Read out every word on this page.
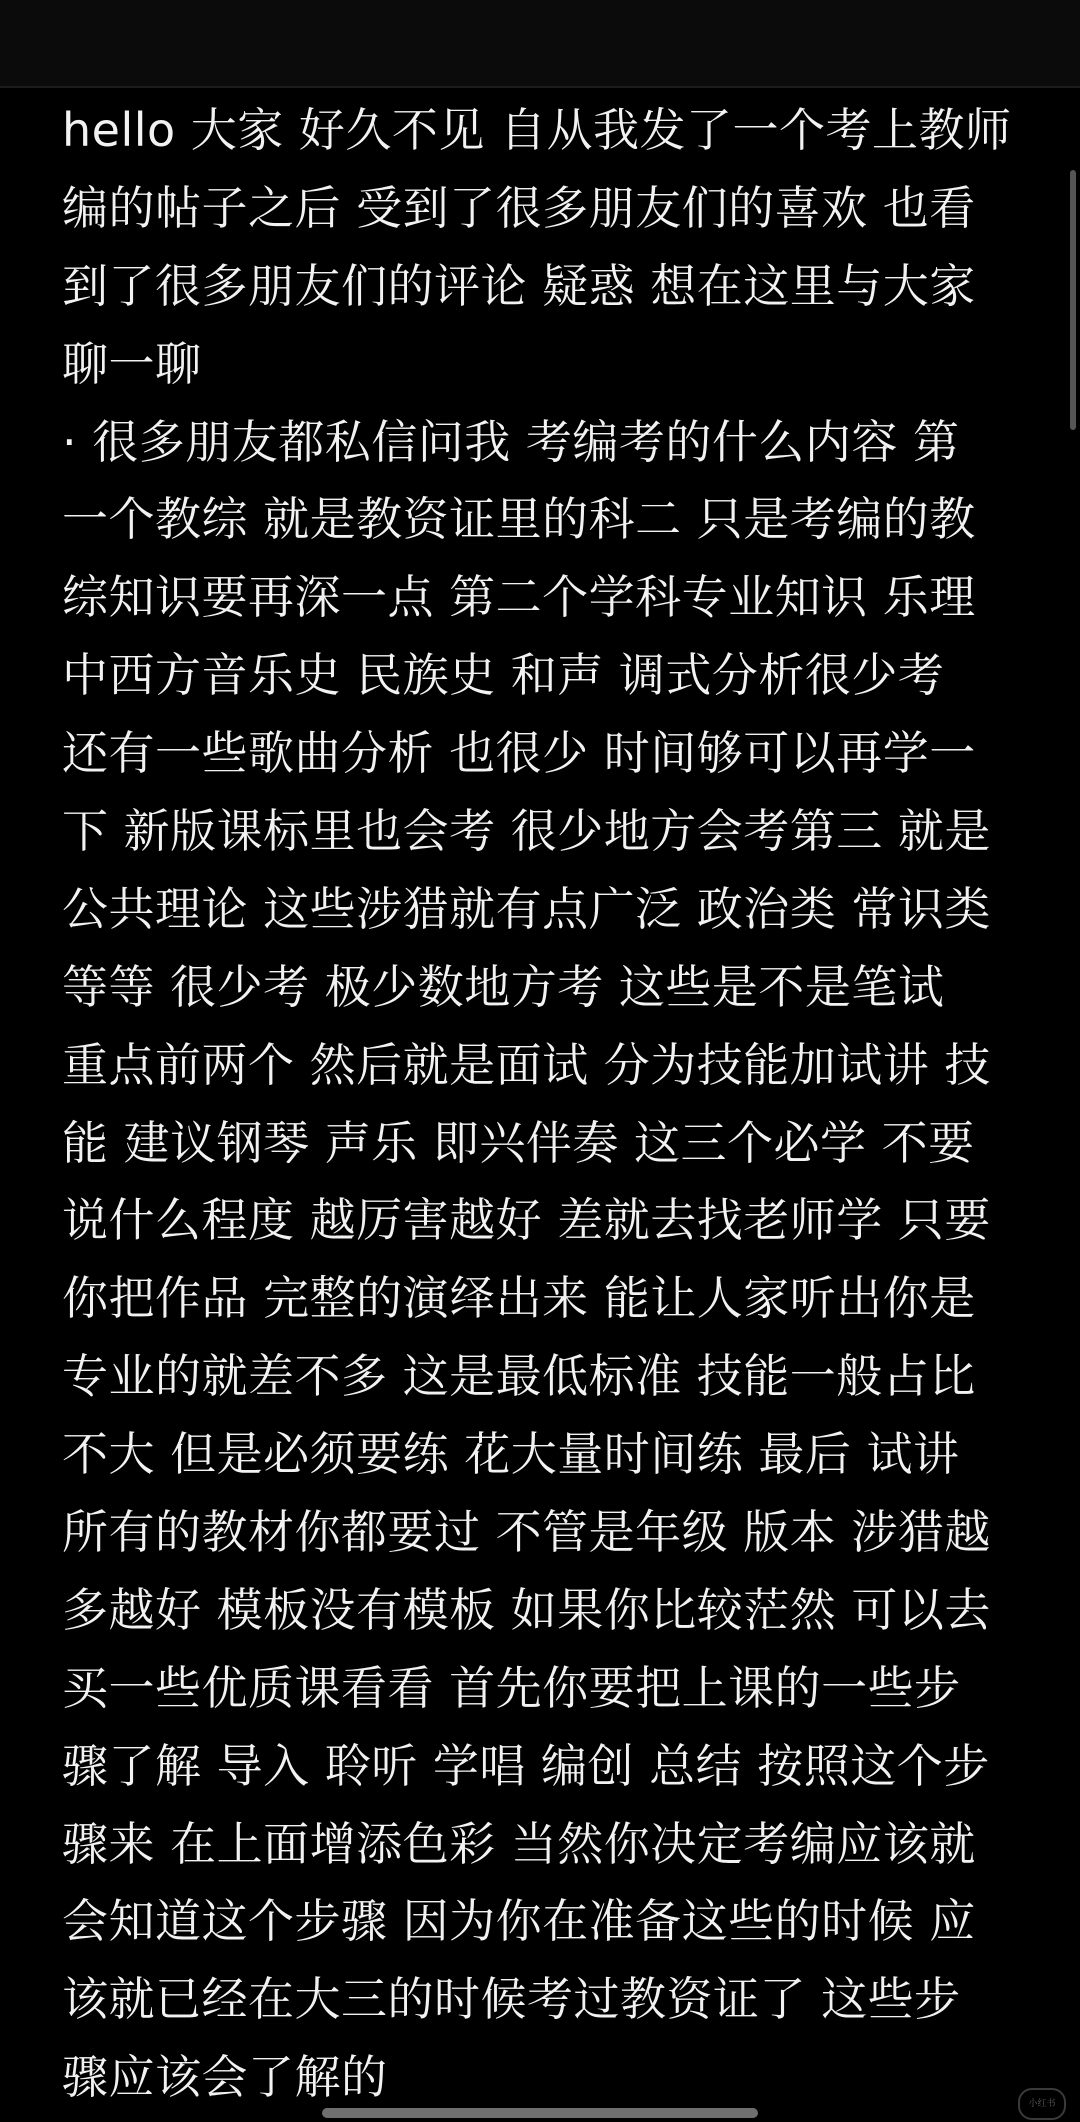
hello 大家 好久不见 自从我发了一个考上教师
编的帖子之后 受到了很多朋友们的喜欢 也看
到了很多朋友们的评论 疑惑 想在这里与大家
聊一聊
· 很多朋友都私信问我 考编考的什么内容 第
一个教综 就是教资证里的科二 只是考编的教
综知识要再深一点 第二个学科专业知识 乐理
中西方音乐史 民族史 和声 调式分析很少考
还有一些歌曲分析 也很少 时间够可以再学一
下 新版课标里也会考 很少地方会考第三 就是
公共理论 这些涉猎就有点广泛 政治类 常识类
等等 很少考 极少数地方考 这些是不是笔试
重点前两个 然后就是面试 分为技能加试讲 技
能 建议钢琴 声乐 即兴伴奏 这三个必学 不要
说什么程度 越厉害越好 差就去找老师学 只要
你把作品 完整的演绎出来 能让人家听出你是
专业的就差不多 这是最低标准 技能一般占比
不大 但是必须要练 花大量时间练 最后 试讲
所有的教材你都要过 不管是年级 版本 涉猎越
多越好 模板没有模板 如果你比较茫然 可以去
买一些优质课看看 首先你要把上课的一些步
骤了解 导入 聆听 学唱 编创 总结 按照这个步
骤来 在上面增添色彩 当然你决定考编应该就
会知道这个步骤 因为你在准备这些的时候 应
该就已经在大三的时候考过教资证了 这些步
骤应该会了解的	小红书
